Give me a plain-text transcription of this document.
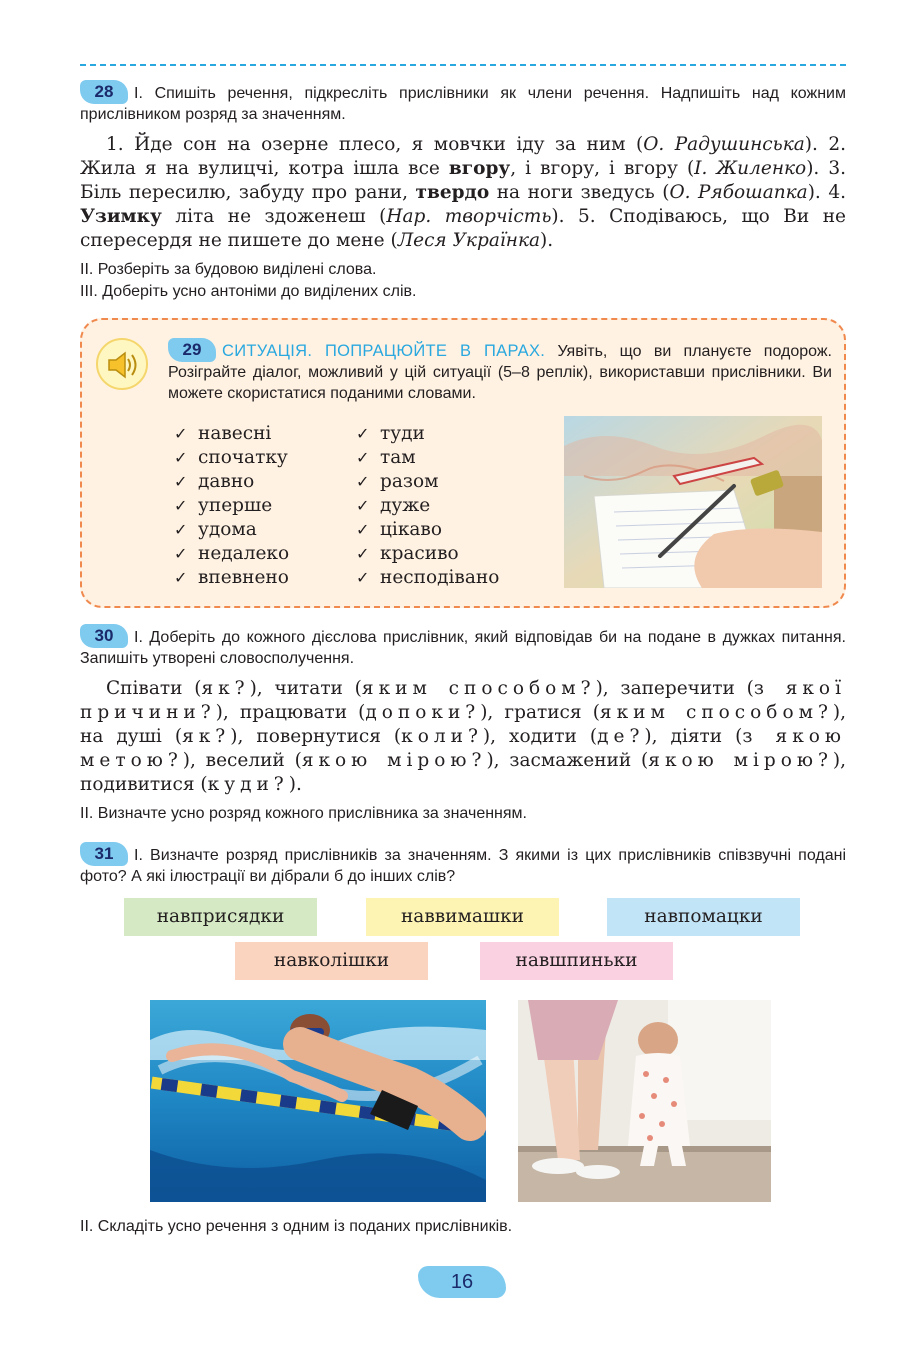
28 І. Спишіть речення, підкресліть прислівники як члени речення. Надпишіть над кожним прислівником розряд за значенням.

1. Йде сон на озерне плесо, я мовчки іду за ним (О. Радушинська). 2. Жила я на вулицчі, котра ішла все вгору, і вгору, і вгору (І. Жиленко). 3. Біль пересилю, забуду про рани, твердо на ноги зведусь (О. Рябошапка). 4. Узимку літа не здоженеш (Нар. творчість). 5. Сподіваюсь, що Ви не спересердя не пишете до мене (Леся Українка).

ІІ. Розберіть за будовою виділені слова.

ІІІ. Доберіть усно антоніми до виділених слів.

29 СИТУАЦІЯ. ПОПРАЦЮЙТЕ В ПАРАХ. Уявіть, що ви плануєте подорож. Розіграйте діалог, можливий у цій ситуації (5–8 реплік), використавши прислівники. Ви можете скористатися поданими словами.

✓ навесні
✓ спочатку
✓ давно
✓ уперше
✓ удома
✓ недалеко
✓ впевнено
✓ туди
✓ там
✓ разом
✓ дуже
✓ цікаво
✓ красиво
✓ несподівано

30 І. Доберіть до кожного дієслова прислівник, який відповідав би на подане в дужках питання. Запишіть утворені словосполучення.

Співати (як?), читати (яким способом?), заперечити (з якої причини?), працювати (допоки?), гратися (яким способом?), на душі (як?), повернутися (коли?), ходити (де?), діяти (з якою метою?), веселий (якою мірою?), засмажений (якою мірою?), подивитися (куди?).

ІІ. Визначте усно розряд кожного прислівника за значенням.

31 І. Визначте розряд прислівників за значенням. З якими із цих прислівників співзвучні подані фото? А які ілюстрації ви дібрали б до інших слів?

навприсядки	наввимашки	навпомацки
навколішки	навшпиньки

ІІ. Складіть усно речення з одним із поданих прислівників.

16
